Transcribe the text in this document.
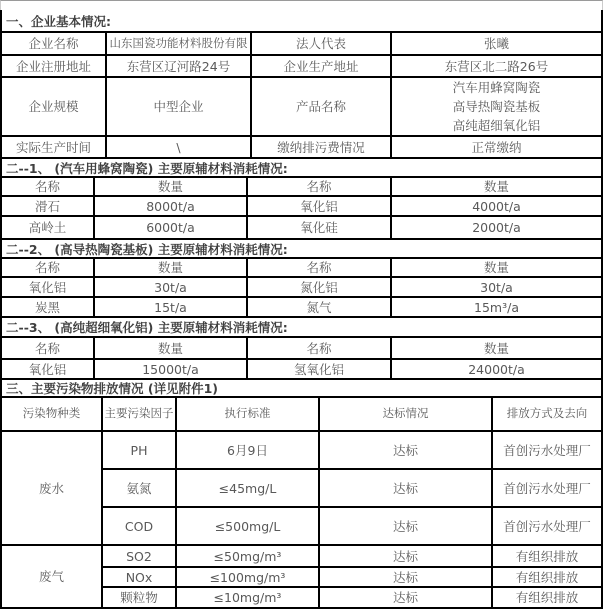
一、企业基本情况:
企业名称	山东国瓷功能材料股份有限	法人代表	张曦
企业注册地址	东营区辽河路24号	企业生产地址	东营区北二路26号
企业规模	中型企业	产品名称
汽车用蜂窝陶瓷
高导热陶瓷基板
高纯超细氧化铝
实际生产时间	\	缴纳排污费情况	正常缴纳
二--1、 (汽车用蜂窝陶瓷) 主要原辅材料消耗情况:
名称	数量	名称	数量
滑石	8000t/a	氧化铝	4000t/a
高岭土	6000t/a	氧化硅	2000t/a
二--2、 (高导热陶瓷基板) 主要原辅材料消耗情况:
名称	数量	名称	数量
氧化铝	30t/a	氮化铝	30t/a
炭黑	15t/a	氮气	15m³/a
二--3、 (高纯超细氧化铝) 主要原辅材料消耗情况:
名称	数量	名称	数量
氧化铝	15000t/a	氢氧化铝	24000t/a
三、主要污染物排放情况 (详见附件1)
污染物种类	主要污染因子	执行标准	达标情况	排放方式及去向
废水
PH	6月9日	达标	首创污水处理厂
氨氮	≤45mg/L	达标	首创污水处理厂
COD	≤500mg/L	达标	首创污水处理厂
废气
SO2	≤50mg/m³	达标	有组织排放
NOx	≤100mg/m³	达标	有组织排放
颗粒物	≤10mg/m³	达标	有组织排放
